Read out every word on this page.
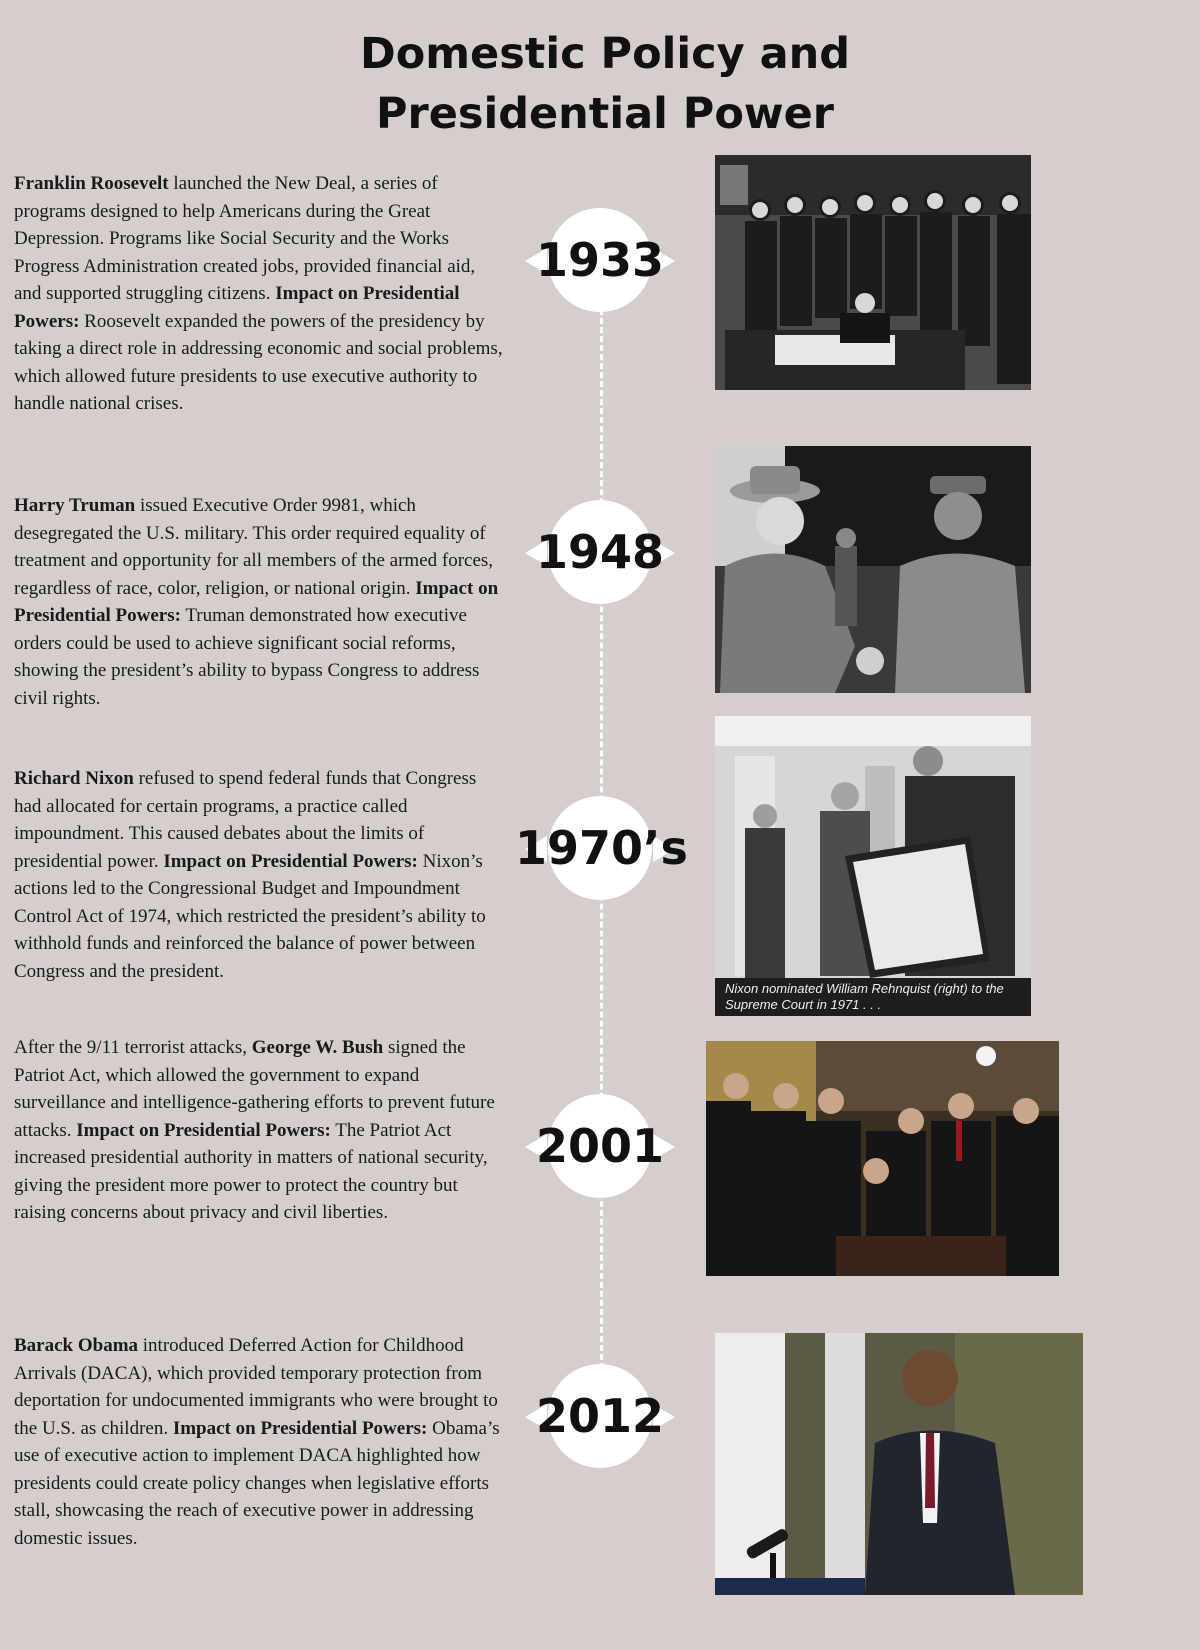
Domestic Policy and
Presidential Power
Franklin Roosevelt launched the New Deal, a series of programs designed to help Americans during the Great Depression. Programs like Social Security and the Works Progress Administration created jobs, provided financial aid, and supported struggling citizens. Impact on Presidential Powers: Roosevelt expanded the powers of the presidency by taking a direct role in addressing economic and social problems, which allowed future presidents to use executive authority to handle national crises.
1933
Harry Truman issued Executive Order 9981, which desegregated the U.S. military. This order required equality of treatment and opportunity for all members of the armed forces, regardless of race, color, religion, or national origin. Impact on Presidential Powers: Truman demonstrated how executive orders could be used to achieve significant social reforms, showing the president’s ability to bypass Congress to address civil rights.
1948
Richard Nixon refused to spend federal funds that Congress had allocated for certain programs, a practice called impoundment. This caused debates about the limits of presidential power. Impact on Presidential Powers: Nixon’s actions led to the Congressional Budget and Impoundment Control Act of 1974, which restricted the president’s ability to withhold funds and reinforced the balance of power between Congress and the president.
1970’s
Nixon nominated William Rehnquist (right) to the Supreme Court in 1971 . . .
After the 9/11 terrorist attacks, George W. Bush signed the Patriot Act, which allowed the government to expand surveillance and intelligence-gathering efforts to prevent future attacks. Impact on Presidential Powers: The Patriot Act increased presidential authority in matters of national security, giving the president more power to protect the country but raising concerns about privacy and civil liberties.
2001
Barack Obama introduced Deferred Action for Childhood Arrivals (DACA), which provided temporary protection from deportation for undocumented immigrants who were brought to the U.S. as children. Impact on Presidential Powers: Obama’s use of executive action to implement DACA highlighted how presidents could create policy changes when legislative efforts stall, showcasing the reach of executive power in addressing domestic issues.
2012
